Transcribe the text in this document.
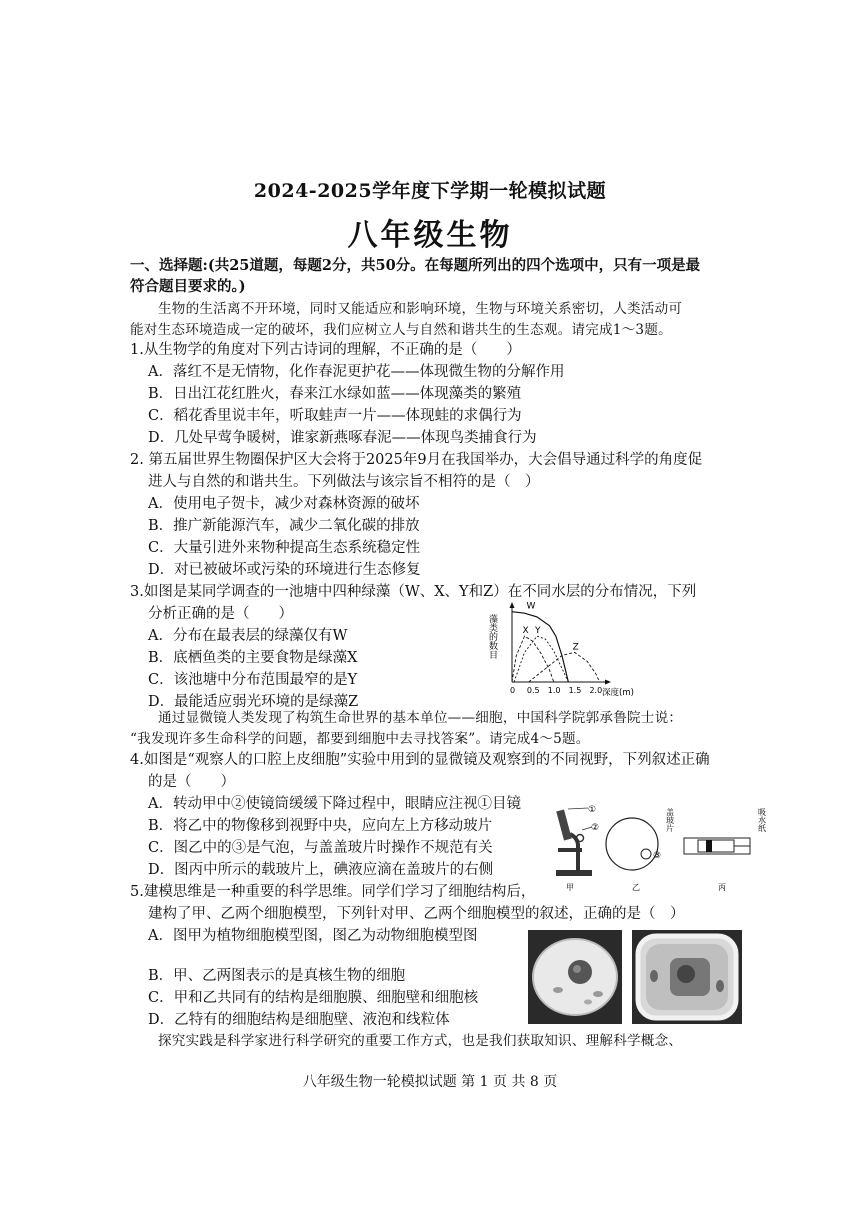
2024-2025学年度下学期一轮模拟试题
八年级生物
一、选择题:(共25道题，每题2分，共50分。在每题所列出的四个选项中，只有一项是最
符合题目要求的。)
生物的生活离不开环境，同时又能适应和影响环境，生物与环境关系密切，人类活动可
能对生态环境造成一定的破坏，我们应树立人与自然和谐共生的生态观。请完成1～3题。
1.从生物学的角度对下列古诗词的理解，不正确的是（　　）
A．落红不是无情物，化作春泥更护花——体现微生物的分解作用
B．日出江花红胜火，春来江水绿如蓝——体现藻类的繁殖
C．稻花香里说丰年，听取蛙声一片——体现蛙的求偶行为
D．几处早莺争暖树，谁家新燕啄春泥——体现鸟类捕食行为
2. 第五届世界生物圈保护区大会将于2025年9月在我国举办，大会倡导通过科学的角度促
进人与自然的和谐共生。下列做法与该宗旨不相符的是（　）
A．使用电子贺卡，减少对森林资源的破坏
B．推广新能源汽车，减少二氧化碳的排放
C．大量引进外来物种提高生态系统稳定性
D．对已被破坏或污染的环境进行生态修复
3.如图是某同学调查的一池塘中四种绿藻（W、X、Y和Z）在不同水层的分布情况，下列
分析正确的是（　　）
A．分布在最表层的绿藻仅有W
B．底栖鱼类的主要食物是绿藻X
C．该池塘中分布范围最窄的是Y
D．最能适应弱光环境的是绿藻Z
藻类的数目
W
X Y
Z
0 0.5 1.0 1.5 2.0 深度(m)
通过显微镜人类发现了构筑生命世界的基本单位——细胞，中国科学院郭承鲁院士说：
“我发现许多生命科学的问题，都要到细胞中去寻找答案”。请完成4～5题。
4.如图是“观察人的口腔上皮细胞”实验中用到的显微镜及观察到的不同视野，下列叙述正确
的是（　　）
A．转动甲中②使镜筒缓缓下降过程中，眼睛应注视①目镜
B．将乙中的物像移到视野中央，应向左上方移动玻片
C．图乙中的③是气泡，与盖盖玻片时操作不规范有关
D．图丙中所示的载玻片上，碘液应滴在盖玻片的右侧
①
②
③
盖玻片	吸水纸
甲	乙	丙
5.建模思维是一种重要的科学思维。同学们学习了细胞结构后，
建构了甲、乙两个细胞模型，下列针对甲、乙两个细胞模型的叙述，正确的是（　）
A．图甲为植物细胞模型图，图乙为动物细胞模型图
B．甲、乙两图表示的是真核生物的细胞
C．甲和乙共同有的结构是细胞膜、细胞壁和细胞核
D．乙特有的细胞结构是细胞壁、液泡和线粒体
探究实践是科学家进行科学研究的重要工作方式，也是我们获取知识、理解科学概念、
八年级生物一轮模拟试题 第 1 页 共 8 页
